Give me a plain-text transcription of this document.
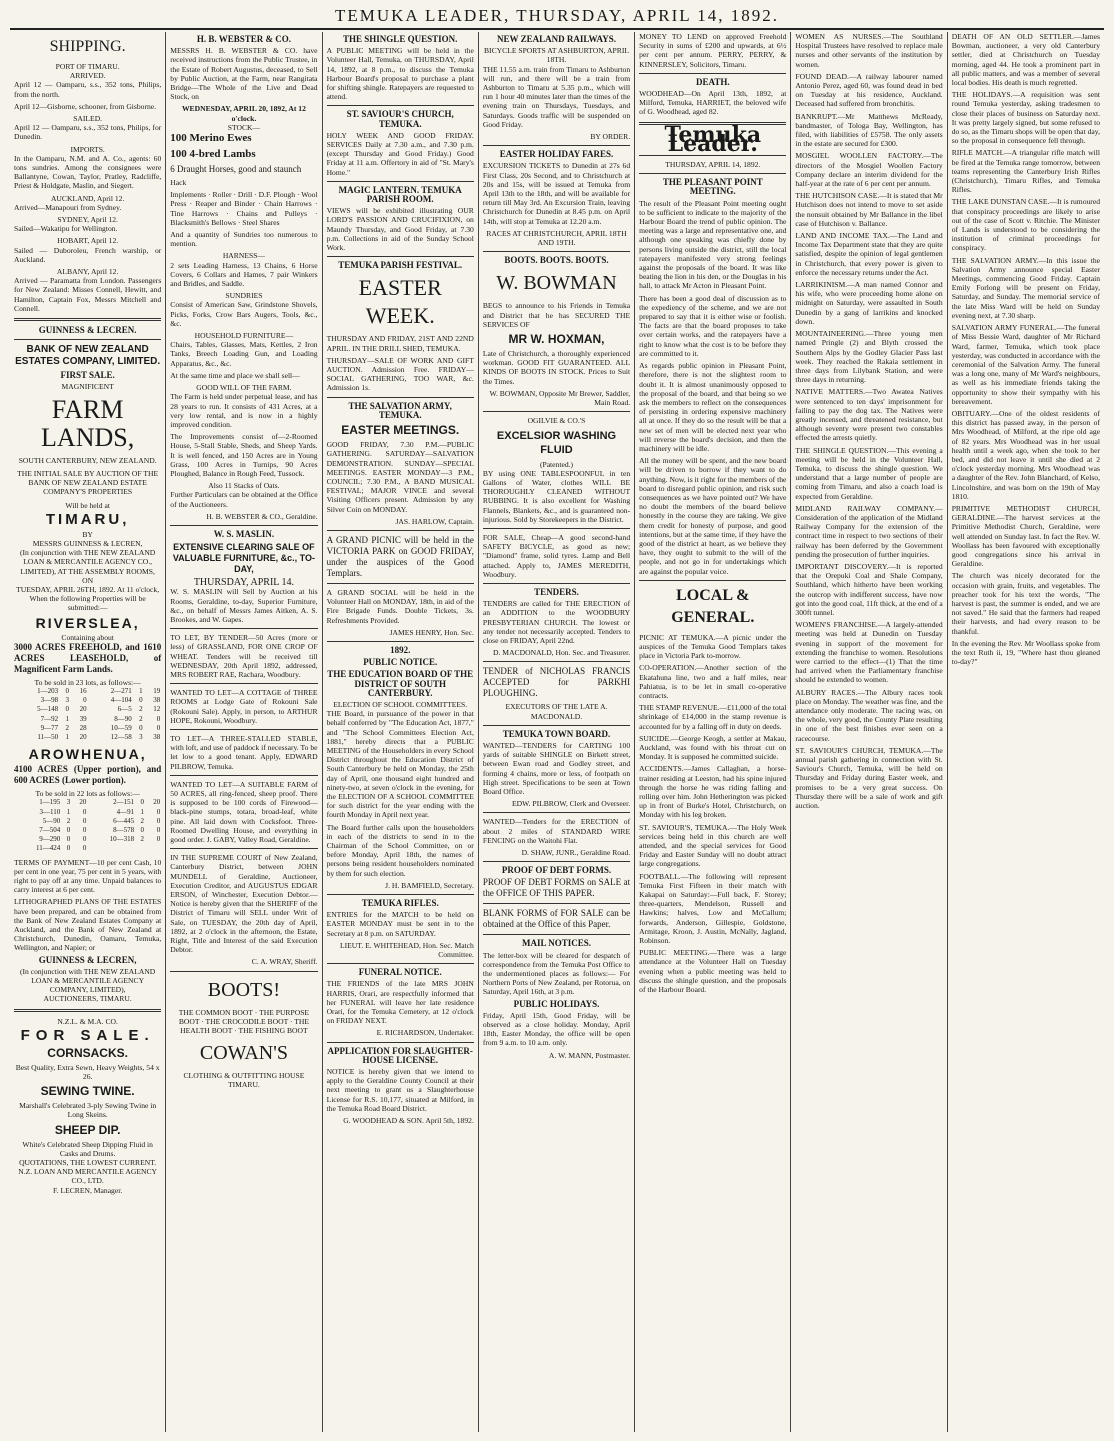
TEMUKA LEADER, THURSDAY, APRIL 14, 1892.
SHIPPING.
PORT OF TIMARU.
ARRIVED.
April 12 — Oamparu, s.s., 352 tons, Philips, from the north.
April 12—Gisborne, schooner, from Gisborne.
SAILED.
April 12 — Oamparu, s.s., 352 tons, Philips, for Dunedin.
IMPORTS.
In the Oamparu, N.M. and A. Co., agents: 60 tons sundries. Among the consignees were Ballantyne, Cowan, Taylor, Pratley, Radcliffe, Priest & Holdgate, Maslin, and Siegert.
AUCKLAND, April 12.
Arrived—Manapouri from Sydney.
SYDNEY, April 12.
Sailed—Wakatipu for Wellington.
HOBART, April 12.
Sailed — Duboroleu, French warship, or Auckland.
ALBANY, April 12.
Arrived — Paramatta from London. Passengers for New Zealand: Misses Connell, Hewitt, and Hamilton, Captain Fox, Messrs Mitchell and Connell.
GUINNESS & LECREN.
BANK OF NEW ZEALAND ESTATES COMPANY, LIMITED.
FIRST SALE.
MAGNIFICENT
FARM LANDS,
SOUTH CANTERBURY, NEW ZEALAND.
THE INITIAL SALE BY AUCTION OF THE BANK OF NEW ZEALAND ESTATE COMPANY'S PROPERTIES
Will be held at
TIMARU,
BY
MESSRS GUINNESS & LECREN,
(In conjunction with THE NEW ZEALAND LOAN & MERCANTILE AGENCY CO., LIMITED), AT THE ASSEMBLY ROOMS, ON
TUESDAY, APRIL 26TH, 1892. At 11 o'clock,
When the following Properties will be submitted:—
RIVERSLEA,
Containing about
3000 ACRES FREEHOLD, and 1610 ACRES LEASEHOLD, of Magnificent Farm Lands.
To be sold in 23 lots, as follows:—
1—203	0	16	2—271	1	19
3—98	3	0	4—104	0	38
5—148	0	20	6—5	2	12
7—92	1	39	8—90	2	0
9—77	2	28	10—59	0	0
11—50	1	20	12—58	3	38
AROWHENUA,
4100 ACRES (Upper portion), and 600 ACRES (Lower portion).
To be sold in 22 lots as follows:—
1—195	3	20	2—151	0	20
3—110	1	0	4—91	1	0
5—90	2	0	6—445	2	0
7—504	0	0	8—578	0	0
9—290	0	0	10—318	2	0
11—424	0	0			
TERMS OF PAYMENT—10 per cent Cash, 10 per cent in one year, 75 per cent in 5 years, with right to pay off at any time. Unpaid balances to carry interest at 6 per cent.
LITHOGRAPHED PLANS OF THE ESTATES have been prepared, and can be obtained from the Bank of New Zealand Estates Company at Auckland, and the Bank of New Zealand at Christchurch, Dunedin, Oamaru, Temuka, Wellington, and Napier; or
GUINNESS & LECREN,
(In conjunction with THE NEW ZEALAND LOAN & MERCANTILE AGENCY COMPANY, LIMITED),
AUCTIONEERS, TIMARU.
N.Z.L. & M.A. CO.
FOR SALE.
CORNSACKS.
Best Quality, Extra Sewn, Heavy Weights, 54 x 26.
SEWING TWINE.
Marshall's Celebrated 3-ply Sewing Twine in Long Skeins.
SHEEP DIP.
White's Celebrated Sheep Dipping Fluid in Casks and Drums.
QUOTATIONS, THE LOWEST CURRENT.
N.Z. LOAN AND MERCANTILE AGENCY CO., LTD.
F. LECREN, Manager.
H. B. WEBSTER & CO.
MESSRS H. B. WEBSTER & CO. have received instructions from the Public Trustee, in the Estate of Robert Augustus, deceased, to Sell by Public Auction, at the Farm, near Rangitata Bridge—The Whole of the Live and Dead Stock, on
WEDNESDAY, APRIL 20, 1892, At 12 o'clock.
STOCK—
100 Merino Ewes
100 4-bred Lambs
6 Draught Horses, good and staunch
Hack
Implements · Roller · Drill · D.F. Plough · Wool Press · Reaper and Binder · Chain Harrows · Tine Harrows · Chains and Pulleys · Blacksmith's Bellows · Steel Shares
And a quantity of Sundries too numerous to mention.
HARNESS—
2 sets Leading Harness, 13 Chains, 6 Horse Covers, 6 Collars and Hames, 7 pair Winkers and Bridles, and Saddle.
SUNDRIES
Consist of American Saw, Grindstone Shovels, Picks, Forks, Crow Bars Augers, Tools, &c., &c.
HOUSEHOLD FURNITURE—
Chairs, Tables, Glasses, Mats, Kettles, 2 Iron Tanks, Breech Loading Gun, and Loading Apparatus, &c., &c.
At the same time and place we shall sell—
GOOD WILL OF THE FARM.
The Farm is held under perpetual lease, and has 28 years to run. It consists of 431 Acres, at a very low rental, and is now in a highly improved condition.
The Improvements consist of—2-Roomed House, 5-Stall Stable, Sheds, and Sheep Yards. It is well fenced, and 150 Acres are in Young Grass, 100 Acres in Turnips, 90 Acres Ploughed, Balance in Rough Feed, Tussock.
Also 11 Stacks of Oats.
Further Particulars can be obtained at the Office of the Auctioneers.
H. B. WEBSTER & CO., Geraldine.
W. S. MASLIN.
EXTENSIVE CLEARING SALE OF VALUABLE FURNITURE, &c., TO-DAY,
THURSDAY, APRIL 14.
W. S. MASLIN will Sell by Auction at his Rooms, Geraldine, to-day, Superior Furniture, &c., on behalf of Messrs James Aitken, A. S. Brookes, and W. Gapes.
TO LET, BY TENDER—50 Acres (more or less) of GRASSLAND, FOR ONE CROP OF WHEAT. Tenders will be received till WEDNESDAY, 20th April 1892, addressed, MRS ROBERT RAE, Rachara, Woodbury.
WANTED TO LET—A COTTAGE of THREE ROOMS at Lodge Gate of Rokouni Sale (Rokouni Sale). Apply, in person, to ARTHUR HOPE, Rokouni, Woodbury.
TO LET—A THREE-STALLED STABLE, with loft, and use of paddock if necessary. To be let low to a good tenant. Apply, EDWARD PILBROW, Temuka.
WANTED TO LET—A SUITABLE FARM of 50 ACRES, all ring-fenced, sheep proof. There is supposed to be 100 cords of Firewood—black-pine stumps, totara, broad-leaf, white pine. All laid down with Cocksfoot. Three-Roomed Dwelling House, and everything in good order. J. GABY, Valley Road, Geraldine.
IN THE SUPREME COURT of New Zealand, Canterbury District, between JOHN MUNDELL of Geraldine, Auctioneer, Execution Creditor, and AUGUSTUS EDGAR ERSON, of Winchester, Execution Debtor.—Notice is hereby given that the SHERIFF of the District of Timaru will SELL under Writ of Sale, on TUESDAY, the 20th day of April, 1892, at 2 o'clock in the afternoon, the Estate, Right, Title and Interest of the said Execution Debtor.
C. A. WRAY, Sheriff.
BOOTS!
THE COMMON BOOT · THE PURPOSE BOOT · THE CROCODILE BOOT · THE HEALTH BOOT · THE FISHING BOOT
COWAN'S
CLOTHING & OUTFITTING HOUSE TIMARU.
THE SHINGLE QUESTION.
A PUBLIC MEETING will be held in the Volunteer Hall, Temuka, on THURSDAY, April 14, 1892, at 8 p.m., to discuss the Temuka Harbour Board's proposal to purchase a plant for shifting shingle. Ratepayers are requested to attend.
ST. SAVIOUR'S CHURCH, TEMUKA.
HOLY WEEK AND GOOD FRIDAY. SERVICES Daily at 7.30 a.m., and 7.30 p.m. (except Thursday and Good Friday.) Good Friday at 11 a.m. Offertory in aid of "St. Mary's Home."
MAGIC LANTERN. TEMUKA PARISH ROOM.
VIEWS will be exhibited illustrating OUR LORD'S PASSION AND CRUCIFIXION, on Maundy Thursday, and Good Friday, at 7.30 p.m. Collections in aid of the Sunday School Work.
TEMUKA PARISH FESTIVAL.
EASTER WEEK.
THURSDAY AND FRIDAY, 21ST AND 22ND APRIL. IN THE DRILL SHED, TEMUKA.
THURSDAY—SALE OF WORK AND GIFT AUCTION. Admission Free. FRIDAY—SOCIAL GATHERING, TOO WAR, &c. Admission 1s.
THE SALVATION ARMY, TEMUKA.
EASTER MEETINGS.
GOOD FRIDAY, 7.30 P.M.—PUBLIC GATHERING. SATURDAY—SALVATION DEMONSTRATION. SUNDAY—SPECIAL MEETINGS. EASTER MONDAY—3 P.M., COUNCIL; 7.30 P.M., A BAND MUSICAL FESTIVAL; MAJOR VINCE and several Visiting Officers present. Admission by any Silver Coin on MONDAY.
JAS. HARLOW, Captain.
A GRAND PICNIC will be held in the VICTORIA PARK on GOOD FRIDAY, under the auspices of the Good Templars.
A GRAND SOCIAL will be held in the Volunteer Hall on MONDAY, 18th, in aid of the Fire Brigade Funds. Double Tickets, 3s. Refreshments Provided.
JAMES HENRY, Hon. Sec.
1892.
PUBLIC NOTICE.
THE EDUCATION BOARD OF THE DISTRICT OF SOUTH CANTERBURY.
ELECTION OF SCHOOL COMMITTEES.
THE Board, in pursuance of the power in that behalf conferred by "The Education Act, 1877," and "The School Committees Election Act, 1881," hereby directs that a PUBLIC MEETING of the Householders in every School District throughout the Education District of South Canterbury be held on Monday, the 25th day of April, one thousand eight hundred and ninety-two, at seven o'clock in the evening, for the ELECTION OF A SCHOOL COMMITTEE for such district for the year ending with the fourth Monday in April next year.
The Board further calls upon the householders in each of the districts to send in to the Chairman of the School Committee, on or before Monday, April 18th, the names of persons being resident householders nominated by them for such election.
J. H. BAMFIELD, Secretary.
TEMUKA RIFLES.
ENTRIES for the MATCH to be held on EASTER MONDAY must be sent in to the Secretary at 8 p.m. on SATURDAY.
LIEUT. E. WHITEHEAD, Hon. Sec. Match Committee.
FUNERAL NOTICE.
THE FRIENDS of the late MRS JOHN HARRIS, Orari, are respectfully informed that her FUNERAL will leave her late residence Orari, for the Temuka Cemetery, at 12 o'clock on FRIDAY NEXT.
E. RICHARDSON, Undertaker.
APPLICATION FOR SLAUGHTER-HOUSE LICENSE.
NOTICE is hereby given that we intend to apply to the Geraldine County Council at their next meeting to grant us a Slaughterhouse License for R.S. 10,177, situated at Milford, in the Temuka Road Board District.
G. WOODHEAD & SON. April 5th, 1892.
NEW ZEALAND RAILWAYS.
BICYCLE SPORTS AT ASHBURTON, APRIL 18TH.
THE 11.55 a.m. train from Timaru to Ashburton will run, and there will be a train from Ashburton to Timaru at 5.35 p.m., which will run 1 hour 40 minutes later than the times of the evening train on Thursdays, Tuesdays, and Saturdays. Goods traffic will be suspended on Good Friday.
BY ORDER.
EASTER HOLIDAY FARES.
EXCURSION TICKETS to Dunedin at 27s 6d First Class, 20s Second, and to Christchurch at 20s and 15s, will be issued at Temuka from April 13th to the 18th, and will be available for return till May 3rd. An Excursion Train, leaving Christchurch for Dunedin at 8.45 p.m. on April 14th, will stop at Temuka at 12.20 a.m.
RACES AT CHRISTCHURCH, APRIL 18TH AND 19TH.
BOOTS. BOOTS. BOOTS.
W. BOWMAN
BEGS to announce to his Friends in Temuka and District that he has SECURED THE SERVICES OF
MR W. HOXMAN,
Late of Christchurch, a thoroughly experienced workman. GOOD FIT GUARANTEED. ALL KINDS OF BOOTS IN STOCK. Prices to Suit the Times.
W. BOWMAN, Opposite Mr Brewer, Saddler, Main Road.
OGILVIE & CO.'S
EXCELSIOR WASHING FLUID
(Patented.)
BY using ONE TABLESPOONFUL in ten Gallons of Water, clothes WILL BE THOROUGHLY CLEANED WITHOUT RUBBING. It is also excellent for Washing Flannels, Blankets, &c., and is guaranteed non-injurious. Sold by Storekeepers in the District.
FOR SALE, Cheap—A good second-hand SAFETY BICYCLE, as good as new; "Diamond" frame, solid tyres. Lamp and Bell attached. Apply to, JAMES MEREDITH, Woodbury.
TENDERS.
TENDERS are called for THE ERECTION of an ADDITION to the WOODBURY PRESBYTERIAN CHURCH. The lowest or any tender not necessarily accepted. Tenders to close on FRIDAY, April 22nd.
D. MACDONALD, Hon. Sec. and Treasurer.
TENDER of NICHOLAS FRANCIS ACCEPTED for PARKHI PLOUGHING.
EXECUTORS OF THE LATE A. MACDONALD.
TEMUKA TOWN BOARD.
WANTED—TENDERS for CARTING 100 yards of suitable SHINGLE on Birkett street, between Ewan road and Godley street, and forming 4 chains, more or less, of footpath on High street. Specifications to be seen at Town Board Office.
EDW. PILBROW, Clerk and Overseer.
WANTED—Tenders for the ERECTION of about 2 miles of STANDARD WIRE FENCING on the Waitohi Flat.
D. SHAW, JUNR., Geraldine Road.
PROOF OF DEBT FORMS.
PROOF OF DEBT FORMS on SALE at the OFFICE OF THIS PAPER.
BLANK FORMS of FOR SALE can be obtained at the Office of this Paper.
MAIL NOTICES.
The letter-box will be cleared for despatch of correspondence from the Temuka Post Office to the undermentioned places as follows:— For Northern Ports of New Zealand, per Rotorua, on Saturday, April 16th, at 3 p.m.
PUBLIC HOLIDAYS.
Friday, April 15th, Good Friday, will be observed as a close holiday. Monday, April 18th, Easter Monday, the office will be open from 9 a.m. to 10 a.m. only.
A. W. MANN, Postmaster.
MONEY TO LEND on approved Freehold Security in sums of £200 and upwards, at 6½ per cent per annum. PERRY, PERRY, & KINNERSLEY, Solicitors, Timaru.
DEATH.
WOODHEAD—On April 13th, 1892, at Milford, Temuka, HARRIET, the beloved wife of G. Woodhead, aged 82.
Temuka Leader.
THURSDAY, APRIL 14, 1892.
THE PLEASANT POINT MEETING.
The result of the Pleasant Point meeting ought to be sufficient to indicate to the majority of the Harbour Board the trend of public opinion. The meeting was a large and representative one, and although one speaking was chiefly done by persons living outside the district, still the local ratepayers manifested very strong feelings against the proposals of the board. It was like beating the lion in his den, or the Douglas in his hall, to attack Mr Acton in Pleasant Point.
There has been a good deal of discussion as to the expediency of the scheme, and we are not prepared to say that it is either wise or foolish. The facts are that the board proposes to take over certain works, and the ratepayers have a right to know what the cost is to be before they are committed to it.
As regards public opinion in Pleasant Point, therefore, there is not the slightest room to doubt it. It is almost unanimously opposed to the proposal of the board, and that being so we ask the members to reflect on the consequences of persisting in ordering expensive machinery all at once. If they do so the result will be that a new set of men will be elected next year who will reverse the board's decision, and then the machinery will be idle.
All the money will be spent, and the new board will be driven to borrow if they want to do anything. Now, is it right for the members of the board to disregard public opinion, and risk such consequences as we have pointed out? We have no doubt the members of the board believe honestly in the course they are taking. We give them credit for honesty of purpose, and good intentions, but at the same time, if they have the good of the district at heart, as we believe they have, they ought to submit to the will of the people, and not go in for undertakings which are against the popular voice.
LOCAL & GENERAL.
PICNIC AT TEMUKA.—A picnic under the auspices of the Temuka Good Templars takes place in Victoria Park to-morrow.
CO-OPERATION.—Another section of the Ekatahuna line, two and a half miles, near Pahiatua, is to be let in small co-operative contracts.
THE STAMP REVENUE.—£11,000 of the total shrinkage of £14,000 in the stamp revenue is accounted for by a falling off in duty on deeds.
SUICIDE.—George Keogh, a settler at Makau, Auckland, was found with his throat cut on Monday. It is supposed he committed suicide.
ACCIDENTS.—James Callaghan, a horse-trainer residing at Leeston, had his spine injured through the horse he was riding falling and rolling over him. John Hetherington was picked up in front of Burke's Hotel, Christchurch, on Monday with his leg broken.
ST. SAVIOUR'S, TEMUKA.—The Holy Week services being held in this church are well attended, and the special services for Good Friday and Easter Sunday will no doubt attract large congregations.
FOOTBALL.—The following will represent Temuka First Fifteen in their match with Kakapai on Saturday:—Full back, F. Storey; three-quarters, Mendelson, Russell and Hawkins; halves, Low and McCallum; forwards, Anderson, Gillespie, Goldstone, Armitage, Kroon, J. Austin, McNally, Jagland, Robinson.
PUBLIC MEETING.—There was a large attendance at the Volunteer Hall on Tuesday evening when a public meeting was held to discuss the shingle question, and the proposals of the Harbour Board.
WOMEN AS NURSES.—The Southland Hospital Trustees have resolved to replace male nurses and other servants of the institution by women.
FOUND DEAD.—A railway labourer named Antonio Perez, aged 60, was found dead in bed on Tuesday at his residence, Auckland. Deceased had suffered from bronchitis.
BANKRUPT.—Mr Matthews McReady, bandmaster, of Tologa Bay, Wellington, has filed, with liabilities of £5758. The only assets in the estate are secured for £300.
MOSGIEL WOOLLEN FACTORY.—The directors of the Mosgiel Woollen Factory Company declare an interim dividend for the half-year at the rate of 6 per cent per annum.
THE HUTCHISON CASE.—It is stated that Mr Hutchison does not intend to move to set aside the nonsuit obtained by Mr Ballance in the libel case of Hutchison v. Ballance.
LAND AND INCOME TAX.—The Land and Income Tax Department state that they are quite satisfied, despite the opinion of legal gentlemen in Christchurch, that every power is given to enforce the necessary returns under the Act.
LARRIKINISM.—A man named Connor and his wife, who were proceeding home alone on midnight on Saturday, were assaulted in South Dunedin by a gang of larrikins and knocked down.
MOUNTAINEERING.—Three young men named Pringle (2) and Blyth crossed the Southern Alps by the Godley Glacier Pass last week. They reached the Rakaia settlement in three days from Lilybank Station, and were three days in returning.
NATIVE MATTERS.—Two Awatea Natives were sentenced to ten days' imprisonment for failing to pay the dog tax. The Natives were greatly incensed, and threatened resistance, but although seventy were present two constables effected the arrests quietly.
THE SHINGLE QUESTION.—This evening a meeting will be held in the Volunteer Hall, Temuka, to discuss the shingle question. We understand that a large number of people are coming from Timaru, and also a coach load is expected from Geraldine.
MIDLAND RAILWAY COMPANY.—Consideration of the application of the Midland Railway Company for the extension of the contract time in respect to two sections of their railway has been deferred by the Government pending the prosecution of further inquiries.
IMPORTANT DISCOVERY.—It is reported that the Orepuki Coal and Shale Company, Southland, which hitherto have been working the outcrop with indifferent success, have now got into the good coal, 11ft thick, at the end of a 300ft tunnel.
WOMEN'S FRANCHISE.—A largely-attended meeting was held at Dunedin on Tuesday evening in support of the movement for extending the franchise to women. Resolutions were carried to the effect—(1) That the time had arrived when the Parliamentary franchise should be extended to women.
ALBURY RACES.—The Albury races took place on Monday. The weather was fine, and the attendance only moderate. The racing was, on the whole, very good, the County Plate resulting in one of the best finishes ever seen on a racecourse.
ST. SAVIOUR'S CHURCH, TEMUKA.—The annual parish gathering in connection with St. Saviour's Church, Temuka, will be held on Thursday and Friday during Easter week, and promises to be a very great success. On Thursday there will be a sale of work and gift auction.
DEATH OF AN OLD SETTLER.—James Bowman, auctioneer, a very old Canterbury settler, died at Christchurch on Tuesday morning, aged 44. He took a prominent part in all public matters, and was a member of several local bodies. His death is much regretted.
THE HOLIDAYS.—A requisition was sent round Temuka yesterday, asking tradesmen to close their places of business on Saturday next. It was pretty largely signed, but some refused to do so, as the Timaru shops will be open that day, so the proposal in consequence fell through.
RIFLE MATCH.—A triangular rifle match will be fired at the Temuka range tomorrow, between teams representing the Canterbury Irish Rifles (Christchurch), Timaru Rifles, and Temuka Rifles.
THE LAKE DUNSTAN CASE.—It is rumoured that conspiracy proceedings are likely to arise out of the case of Scott v. Ritchie. The Minister of Lands is understood to be considering the institution of criminal proceedings for conspiracy.
THE SALVATION ARMY.—In this issue the Salvation Army announce special Easter Meetings, commencing Good Friday. Captain Emily Forlong will be present on Friday, Saturday, and Sunday. The memorial service of the late Miss Ward will be held on Sunday evening next, at 7.30 sharp.
SALVATION ARMY FUNERAL.—The funeral of Miss Bessie Ward, daughter of Mr Richard Ward, farmer, Temuka, which took place yesterday, was conducted in accordance with the ceremonial of the Salvation Army. The funeral was a long one, many of Mr Ward's neighbours, as well as his immediate friends taking the opportunity to show their sympathy with his bereavement.
OBITUARY.—One of the oldest residents of this district has passed away, in the person of Mrs Woodhead, of Milford, at the ripe old age of 82 years. Mrs Woodhead was in her usual health until a week ago, when she took to her bed, and did not leave it until she died at 2 o'clock yesterday morning. Mrs Woodhead was a daughter of the Rev. John Blanchard, of Kelso, Lincolnshire, and was born on the 19th of May 1810.
PRIMITIVE METHODIST CHURCH, GERALDINE.—The harvest services at the Primitive Methodist Church, Geraldine, were well attended on Sunday last. In fact the Rev. W. Woollass has been favoured with exceptionally good congregations since his arrival in Geraldine.
The church was nicely decorated for the occasion with grain, fruits, and vegetables. The preacher took for his text the words, "The harvest is past, the summer is ended, and we are not saved." He said that the farmers had reaped their harvests, and had every reason to be thankful.
In the evening the Rev. Mr Woollass spoke from the text Ruth ii, 19, "Where hast thou gleaned to-day?"
